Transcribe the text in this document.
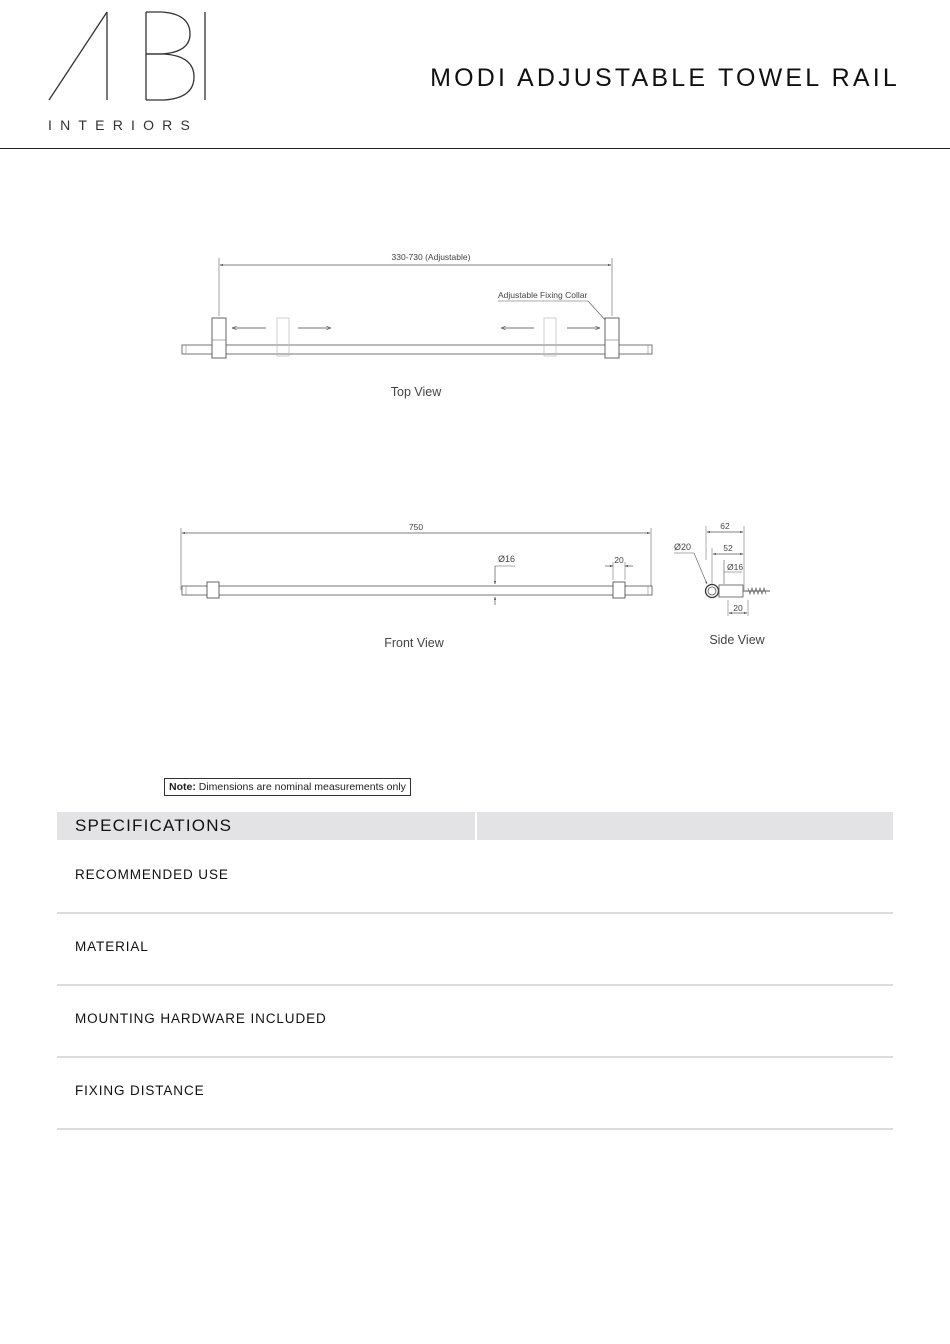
INTERIORS
MODI ADJUSTABLE TOWEL RAIL
330-730 (Adjustable)
Adjustable Fixing Collar
Top View
750
Ø16	20
Front View
62
52
Ø16
Ø20
20
Side View
Note: Dimensions are nominal measurements only
SPECIFICATIONS
RECOMMENDED USE
MATERIAL
MOUNTING HARDWARE INCLUDED
FIXING DISTANCE
